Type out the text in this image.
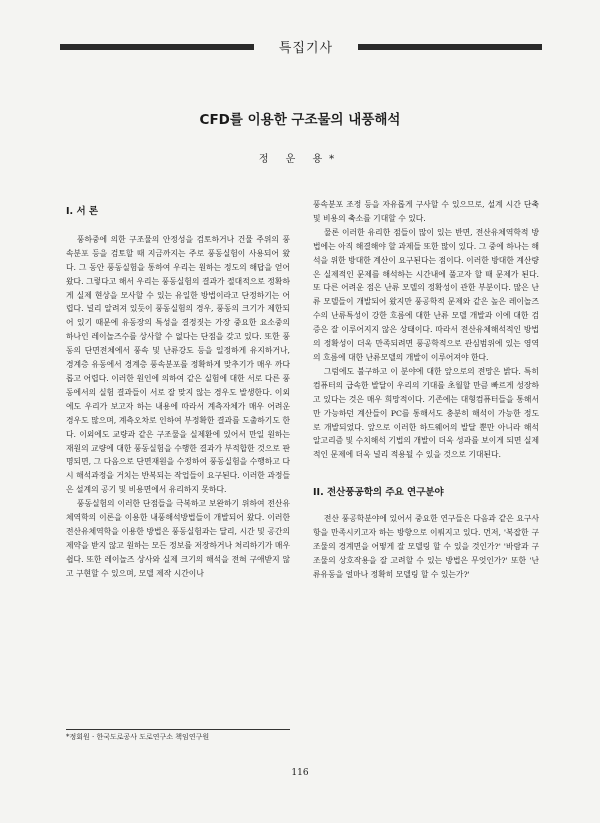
특집기사
CFD를 이용한 구조물의 내풍해석
정 운 용*
I. 서 론

풍하중에 의한 구조물의 안정성을 검토하거나 건물 주위의 풍속분포 등을 검토할 때 지금까지는 주로 풍동실험이 사용되어 왔다. 그 동안 풍동실험을 통하여 우리는 원하는 정도의 해답을 얻어왔다. 그렇다고 해서 우리는 풍동실험의 결과가 절대적으로 정확하게 실제 현상을 모사할 수 있는 유일한 방법이라고 단정하기는 어렵다. 널리 알려져 있듯이 풍동실험의 경우, 풍동의 크기가 제한되어 있기 때문에 유동장의 특성을 결정짓는 가장 중요한 요소중의 하나인 레이놀즈수를 상사할 수 없다는 단점을 갖고 있다. 또한 풍동의 단면전체에서 풍속 및 난류강도 등을 일정하게 유지하거나, 경계층 유동에서 경계층 풍속분포를 정확하게 맞추기가 매우 까다롭고 어렵다. 이러한 원인에 의하여 같은 실험에 대한 서로 다른 풍동에서의 실험 결과들이 서로 잘 맞지 않는 경우도 발생한다. 이외에도 우리가 보고자 하는 내용에 따라서 계측자체가 매우 어려운 경우도 많으며, 계측오차로 인하여 부정확한 결과를 도출하기도 한다. 이외에도 교량과 같은 구조물을 실제환에 있어서 만일 원하는 재원의 교량에 대한 풍동실험을 수행한 결과가 부적합한 것으로 판명되면, 그 다음으로 단면재원을 수정하여 풍동실험을 수행하고 다시 해석과정을 거치는 반복되는 작업들이 요구된다. 이러한 과정들은 설계의 공기 및 비용면에서 유리하지 못하다.

풍동실험의 이러한 단점들을 극복하고 보완하기 위하여 전산유체역학의 이론을 이용한 내풍해석방법들이 개발되어 왔다. 이러한 전산유체역학을 이용한 방법은 풍동실험과는 달리, 시간 및 공간의 제약을 받지 않고 원하는 모든 정보를 저장하거나 처리하기가 매우 쉽다. 또한 레이놀즈 상사와 실제 크기의 해석을 전혀 구애받지 않고 구현할 수 있으며, 모델 제작 시간이나

풍속분포 조정 등을 자유롭게 구사할 수 있으므로, 설계 시간 단축 및 비용의 축소를 기대할 수 있다.

물론 이러한 유리한 점들이 많이 있는 반면, 전산유체역학적 방법에는 아직 해결해야 할 과제들 또한 많이 있다. 그 중에 하나는 해석을 위한 방대한 계산이 요구된다는 점이다. 이러한 방대한 계산량은 실제적인 문제를 해석하는 시간내에 풀고자 할 때 문제가 된다. 또 다른 어려운 점은 난류 모델의 정확성이 관한 부분이다. 많은 난류 모델들이 개발되어 왔지만 풍공학적 문제와 같은 높은 레이놀즈수의 난류특성이 강한 흐름에 대한 난류 모델 개발과 이에 대한 검증은 잘 이루어지지 않은 상태이다. 따라서 전산유체해석적인 방법의 정확성이 더욱 만족되려면 풍공학적으로 관심범위에 있는 영역의 흐름에 대한 난류모델의 개발이 이루어져야 한다.

그럼에도 불구하고 이 분야에 대한 앞으로의 전망은 밝다. 특히 컴퓨터의 급속한 발달이 우리의 기대를 초월할 만큼 빠르게 성장하고 있다는 것은 매우 희망적이다. 기존에는 대형컴퓨터들을 통해서만 가능하던 계산들이 PC를 통해서도 충분히 해석이 가능한 정도로 개발되었다. 앞으로 이러한 하드웨어의 발달 뿐만 아니라 해석 알고리즘 및 수치해석 기법의 개발이 더욱 성과를 보이게 되면 실제적인 문제에 더욱 널리 적용될 수 있을 것으로 기대된다.

II. 전산풍공학의 주요 연구분야

전산 풍공학분야에 있어서 중요한 연구들은 다음과 같은 요구사항을 만족시키고자 하는 방향으로 이뤄지고 있다. 먼저, '복잡한 구조물의 경계면을 어떻게 잘 모델링 할 수 있을 것인가?' '바람과 구조물의 상호작용을 잘 고려할 수 있는 방법은 무엇인가?' 또한 '난류유동을 얼마나 정확히 모델링 할 수 있는가?'

*정회원 · 한국도로공사 도로연구소 책임연구원
116
